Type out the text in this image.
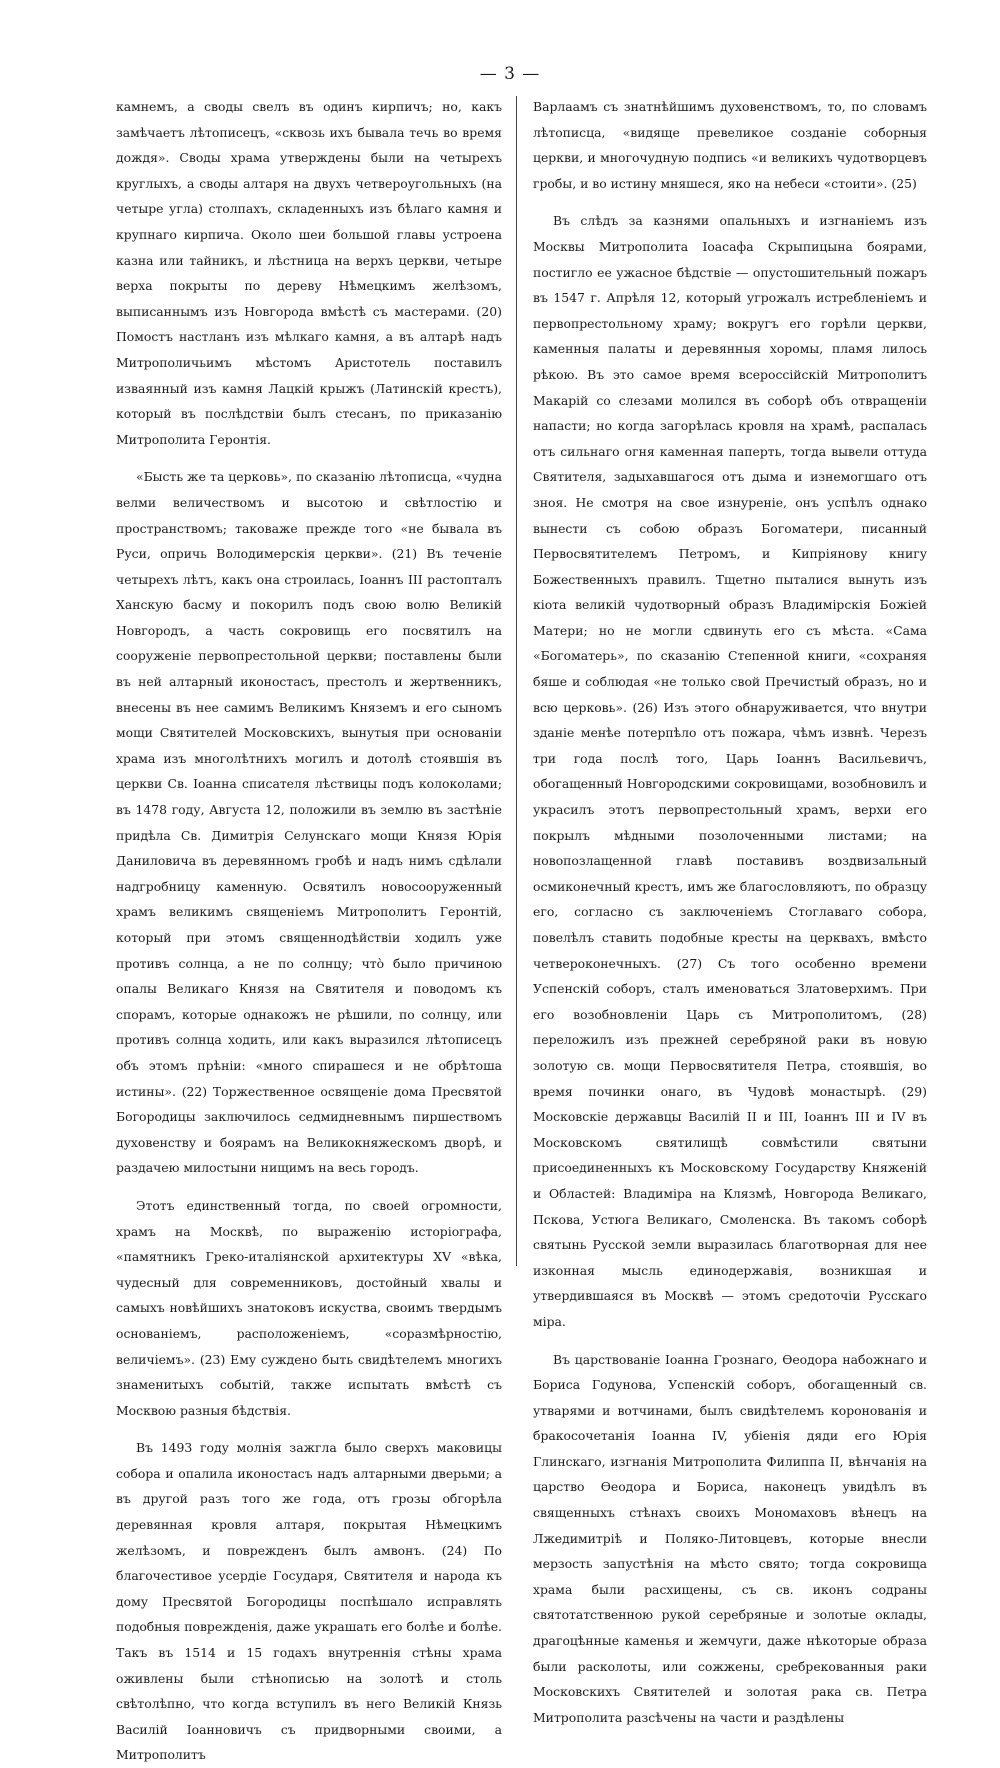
— 3 —

камнемъ, а своды свелъ въ одинъ кирпичъ; но, какъ замѣчаетъ лѣтописецъ, «сквозь ихъ бывала течь во время дождя». Своды храма утверждены были на четырехъ круглыхъ, а своды алтаря на двухъ четвероугольныхъ (на четыре угла) столпахъ, складенныхъ изъ бѣлаго камня и крупнаго кирпича. Около шеи большой главы устроена казна или тайникъ, и лѣстница на верхъ церкви, четыре верха покрыты по дереву Нѣмецкимъ желѣзомъ, выписаннымъ изъ Новгорода вмѣстѣ съ мастерами. (20) Помостъ настланъ изъ мѣлкаго камня, а въ алтарѣ надъ Митрополичьимъ мѣстомъ Аристотель поставилъ изваянный изъ камня Лацкій крыжъ (Латинскій крестъ), который въ послѣдствіи былъ стесанъ, по приказанію Митрополита Геронтія.

«Бысть же та церковь», по сказанію лѣтописца, «чудна велми величествомъ и высотою и свѣтлостію и пространствомъ; таковаже прежде того «не бывала въ Руси, опричь Володимерскія церкви». (21) Въ теченіе четырехъ лѣтъ, какъ она строилась, Іоаннъ III растопталъ Ханскую басму и покорилъ подъ свою волю Великій Новгородъ, а часть сокровищь его посвятилъ на сооруженіе первопрестольной церкви; поставлены были въ ней алтарный иконостасъ, престолъ и жертвенникъ, внесены въ нее самимъ Великимъ Княземъ и его сыномъ мощи Святителей Московскихъ, вынутыя при основаніи храма изъ многолѣтнихъ могилъ и дотолѣ стоявшія въ церкви Св. Іоанна списателя лѣствицы подъ колоколами; въ 1478 году, Августа 12, положили въ землю въ застѣніе придѣла Св. Димитрія Селунскаго мощи Князя Юрія Даниловича въ деревянномъ гробѣ и надъ нимъ сдѣлали надгробницу каменную. Освятилъ новосооруженный храмъ великимъ священіемъ Митрополитъ Геронтій, который при этомъ священнодѣйствіи ходилъ уже противъ солнца, а не по солнцу; что̀ было причиною опалы Великаго Князя на Святителя и поводомъ къ спорамъ, которые однакожъ не рѣшили, по солнцу, или противъ солнца ходить, или какъ выразился лѣтописецъ объ этомъ прѣніи: «много спирашеся и не обрѣтоша истины». (22) Торжественное освященіе дома Пресвятой Богородицы заключилось седмидневнымъ пиршествомъ духовенству и боярамъ на Великокняжескомъ дворѣ, и раздачею милостыни нищимъ на весь городъ.

Этотъ единственный тогда, по своей огромности, храмъ на Москвѣ, по выраженію исторіографа, «памятникъ Греко-италіянской архитектуры XV «вѣка, чудесный для современниковъ, достойный хвалы и самыхъ новѣйшихъ знатоковъ искуства, своимъ твердымъ основаніемъ, расположеніемъ, «соразмѣрностію, величіемъ». (23) Ему суждено быть свидѣтелемъ многихъ знаменитыхъ событій, также испытать вмѣстѣ съ Москвою разныя бѣдствія.

Въ 1493 году молнія зажгла было сверхъ маковицы собора и опалила иконостасъ надъ алтарными дверьми; а въ другой разъ того же года, отъ грозы обгорѣла деревянная кровля алтаря, покрытая Нѣмецкимъ желѣзомъ, и поврежденъ былъ амвонъ. (24) По благочестивое усердіе Государя, Святителя и народа къ дому Пресвятой Богородицы поспѣшало исправлять подобныя поврежденія, даже украшать его болѣе и болѣе. Такъ въ 1514 и 15 годахъ внутреннія стѣны храма оживлены были стѣнописью на золотѣ и столь свѣтолѣпно, что когда вступилъ въ него Великій Князь Василій Іоанновичъ съ придворными своими, а Митрополитъ

Варлаамъ съ знатнѣйшимъ духовенствомъ, то, по словамъ лѣтописца, «видяще превеликое созданіе соборныя церкви, и многочудную подпись «и великихъ чудотворцевъ гробы, и во истину мняшеся, яко на небеси «стоити». (25)

Въ слѣдъ за казнями опальныхъ и изгнаніемъ изъ Москвы Митрополита Іоасафа Скрыпицына боярами, постигло ее ужасное бѣдствіе — опустошительный пожаръ въ 1547 г. Апрѣля 12, который угрожалъ истребленіемъ и первопрестольному храму; вокругъ его горѣли церкви, каменныя палаты и деревянныя хоромы, пламя лилось рѣкою. Въ это самое время всероссійскій Митрополитъ Макарій со слезами молился въ соборѣ объ отвращеніи напасти; но когда загорѣлась кровля на храмѣ, распалась отъ сильнаго огня каменная паперть, тогда вывели оттуда Святителя, задыхавшагося отъ дыма и изнемогшаго отъ зноя. Не смотря на свое изнуреніе, онъ успѣлъ однако вынести съ собою образъ Богоматери, писанный Первосвятителемъ Петромъ, и Кипріянову книгу Божественныхъ правилъ. Тщетно пыталися вынуть изъ кіота великій чудотворный образъ Владимірскія Божіей Матери; но не могли сдвинуть его съ мѣста. «Сама «Богоматерь», по сказанію Степенной книги, «сохраняя бяше и соблюдая «не только свой Пречистый образъ, но и всю церковь». (26) Изъ этого обнаруживается, что внутри зданіе менѣе потерпѣло отъ пожара, чѣмъ извнѣ. Черезъ три года послѣ того, Царь Іоаннъ Васильевичъ, обогащенный Новгородскими сокровищами, возобновилъ и украсилъ этотъ первопрестольный храмъ, верхи его покрылъ мѣдными позолоченными листами; на новопозлащенной главѣ поставивъ воздвизальный осмиконечный крестъ, имъ же благословляютъ, по образцу его, согласно съ заключеніемъ Стоглаваго собора, повелѣлъ ставить подобные кресты на церквахъ, вмѣсто четвероконечныхъ. (27) Съ того особенно времени Успенскій соборъ, сталъ именоваться Златоверхимъ. При его возобновленіи Царь съ Митрополитомъ, (28) переложилъ изъ прежней серебряной раки въ новую золотую св. мощи Первосвятителя Петра, стоявшія, во время починки онаго, въ Чудовѣ монастырѣ. (29) Московскіе державцы Василій II и III, Іоаннъ III и IV въ Московскомъ святилищѣ совмѣстили святыни присоединенныхъ къ Московскому Государству Княженій и Областей: Владиміра на Клязмѣ, Новгорода Великаго, Пскова, Устюга Великаго, Смоленска. Въ такомъ соборѣ святынь Русской земли выразилась благотворная для нее изконная мысль единодержавія, возникшая и утвердившаяся въ Москвѣ — этомъ средоточіи Русскаго міра.

Въ царствованіе Іоанна Грознаго, Ѳеодора набожнаго и Бориса Годунова, Успенскій соборъ, обогащенный св. утварями и вотчинами, былъ свидѣтелемъ коронованія и бракосочетанія Іоанна IV, убіенія дяди его Юрія Глинскаго, изгнанія Митрополита Филиппа II, вѣнчанія на царство Ѳеодора и Бориса, наконецъ увидѣлъ въ священныхъ стѣнахъ своихъ Мономаховъ вѣнецъ на Лжедимитріѣ и Поляко-Литовцевъ, которые внесли мерзость запустѣнія на мѣсто свято; тогда сокровища храма были расхищены, съ св. иконъ содраны святотатственною рукой серебряные и золотые оклады, драгоцѣнные каменья и жемчуги, даже нѣкоторые образа были расколоты, или сожжены, сребрекованныя раки Московскихъ Святителей и золотая рака св. Петра Митрополита разсѣчены на части и раздѣлены
